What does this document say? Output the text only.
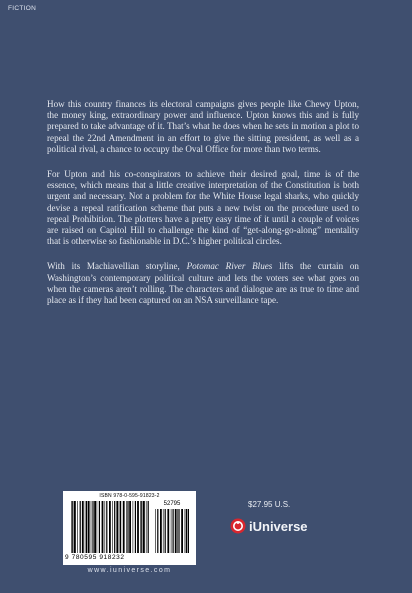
FICTION

How this country finances its electoral campaigns gives people like Chewy Upton, the money king, extraordinary power and influence. Upton knows this and is fully prepared to take advantage of it. That’s what he does when he sets in motion a plot to repeal the 22nd Amendment in an effort to give the sitting president, as well as a political rival, a chance to occupy the Oval Office for more than two terms.

For Upton and his co-conspirators to achieve their desired goal, time is of the essence, which means that a little creative interpretation of the Constitution is both urgent and necessary. Not a problem for the White House legal sharks, who quickly devise a repeal ratification scheme that puts a new twist on the procedure used to repeal Prohibition. The plotters have a pretty easy time of it until a couple of voices are raised on Capitol Hill to challenge the kind of “get-along-go-along” mentality that is otherwise so fashionable in D.C.’s higher political circles.

With its Machiavellian storyline, Potomac River Blues lifts the curtain on Washington’s contemporary political culture and lets the voters see what goes on when the cameras aren’t rolling. The characters and dialogue are as true to time and place as if they had been captured on an NSA surveillance tape.

ISBN 978-0-595-91823-2
52795
9 780595 918232
www.iuniverse.com
$27.95 U.S.
iUniverse
